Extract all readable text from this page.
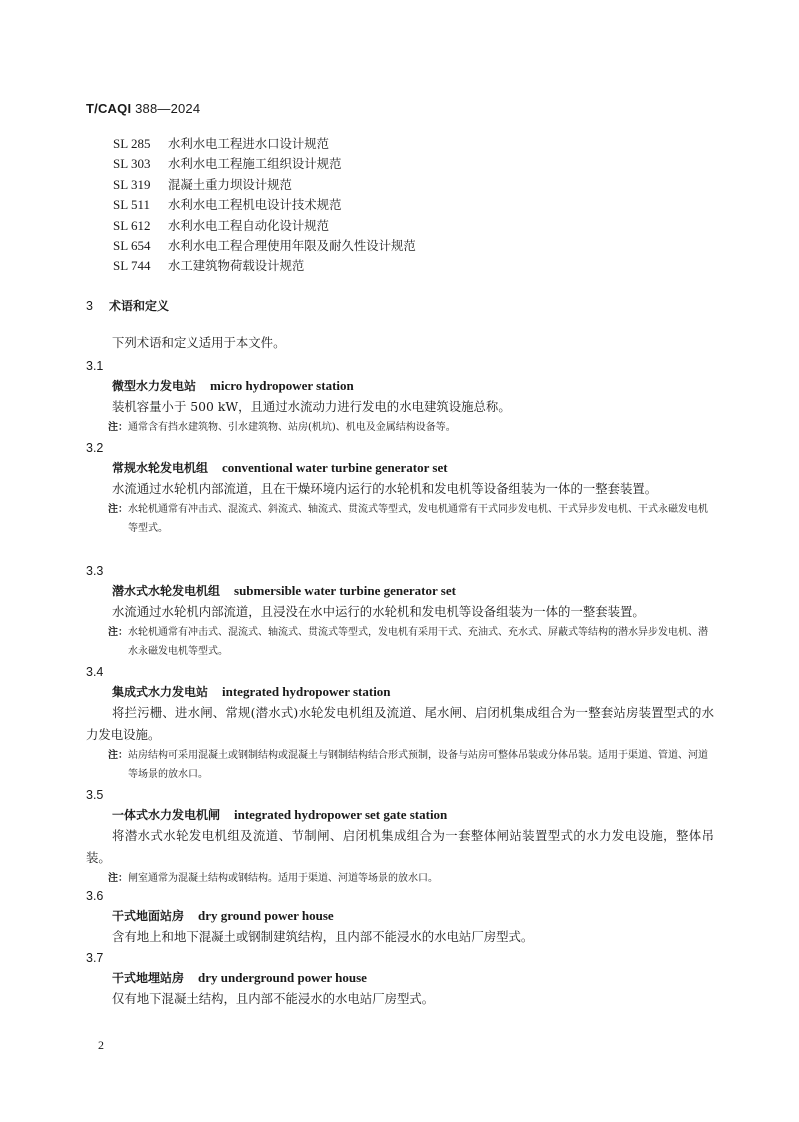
T/CAQI 388—2024
SL 285 水利水电工程进水口设计规范
SL 303 水利水电工程施工组织设计规范
SL 319 混凝土重力坝设计规范
SL 511 水利水电工程机电设计技术规范
SL 612 水利水电工程自动化设计规范
SL 654 水利水电工程合理使用年限及耐久性设计规范
SL 744 水工建筑物荷载设计规范
3 术语和定义
下列术语和定义适用于本文件。
3.1
微型水力发电站 micro hydropower station
装机容量小于 500 kW，且通过水流动力进行发电的水电建筑设施总称。
注：通常含有挡水建筑物、引水建筑物、站房(机坑)、机电及金属结构设备等。
3.2
常规水轮发电机组 conventional water turbine generator set
水流通过水轮机内部流道，且在干燥环境内运行的水轮机和发电机等设备组装为一体的一整套装置。
注：水轮机通常有冲击式、混流式、斜流式、轴流式、贯流式等型式，发电机通常有干式同步发电机、干式异步发电机、干式永磁发电机等型式。
3.3
潜水式水轮发电机组 submersible water turbine generator set
水流通过水轮机内部流道，且浸没在水中运行的水轮机和发电机等设备组装为一体的一整套装置。
注：水轮机通常有冲击式、混流式、轴流式、贯流式等型式，发电机有采用干式、充油式、充水式、屏蔽式等结构的潜水异步发电机、潜水永磁发电机等型式。
3.4
集成式水力发电站 integrated hydropower station
将拦污栅、进水闸、常规(潜水式)水轮发电机组及流道、尾水闸、启闭机集成组合为一整套站房装置型式的水力发电设施。
注：站房结构可采用混凝土或钢制结构或混凝土与钢制结构结合形式预制，设备与站房可整体吊装或分体吊装。适用于渠道、管道、河道等场景的放水口。
3.5
一体式水力发电机闸 integrated hydropower set gate station
将潜水式水轮发电机组及流道、节制闸、启闭机集成组合为一套整体闸站装置型式的水力发电设施，整体吊装。
注：闸室通常为混凝土结构或钢结构。适用于渠道、河道等场景的放水口。
3.6
干式地面站房 dry ground power house
含有地上和地下混凝土或钢制建筑结构，且内部不能浸水的水电站厂房型式。
3.7
干式地埋站房 dry underground power house
仅有地下混凝土结构，且内部不能浸水的水电站厂房型式。
2
